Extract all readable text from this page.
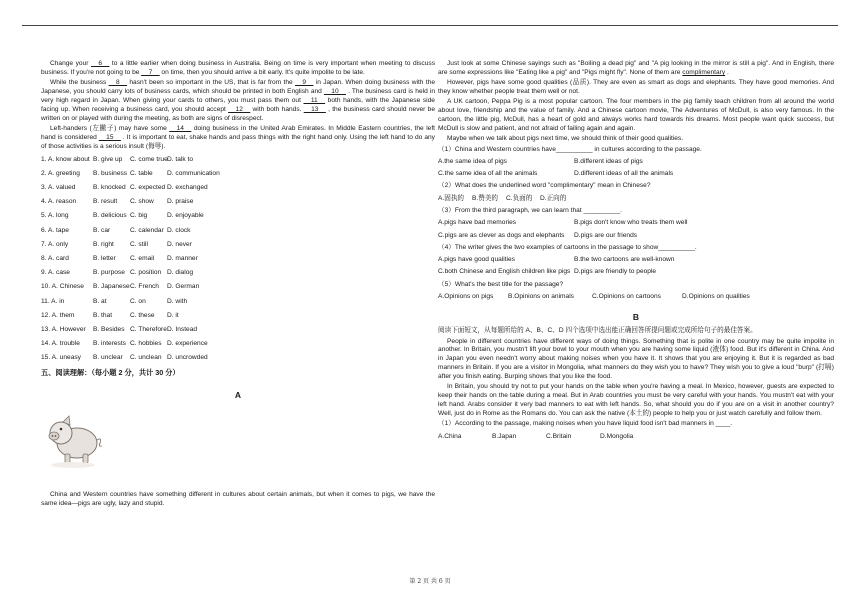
Change your __6__ to a little earlier when doing business in Australia. Being on time is very important when meeting to discuss business. If you're not going to be __7__ on time, then you should arrive a bit early. It's quite impolite to be late.

While the business __8__ hasn't been so important in the US, that is far from the __9__ in Japan. When doing business with the Japanese, you should carry lots of business cards, which should be printed in both English and __10__ . The business card is held in very high regard in Japan. When giving your cards to others, you must pass them out __11__ both hands, with the Japanese side facing up. When receiving a business card, you should accept __12__ with both hands. __13__ , the business card should never be written on or played with during the meeting, as both are signs of disrespect.

Left-handers (左撇子) may have some __14__ doing business in the United Arab Emirates. In Middle Eastern countries, the left hand is considered __15__ . It is important to eat, shake hands and pass things with the right hand only. Using the left hand to do any of those activities is a serious insult (侮辱).

1. A. know about B. give up	C. come true D. talk to
2. A. greeting	B. business C. table	D. communication
3. A. valued	B. knocked C. expected D. exchanged
4. A. reason	B. result	C. show	D. praise
5. A. long	B. delicious C. big	D. enjoyable
6. A. tape	B. car	C. calendar D. clock
7. A. only	B. right	C. still	D. never
8. A. card	B. letter	C. email	D. manner
9. A. case	B. purpose C. position D. dialog
10. A. Chinese	B. Japanese C. French	D. German
11. A. in	B. at	C. on	D. with
12. A. them	B. that	C. these	D. it
13. A. However	B. Besides C. Therefore D. Instead
14. A. trouble	B. interests C. hobbies D. experience
15. A. uneasy	B. unclear	C. unclean D. uncrowded
五、阅读理解：（每小题 2 分，共计 30 分）
A

China and Western countries have something different in cultures about certain animals, but when it comes to pigs, we have the same idea—pigs are ugly, lazy and stupid.

Just look at some Chinese sayings such as "Boiling a dead pig" and "A pig looking in the mirror is still a pig". And in English, there are some expressions like "Eating like a pig" and "Pigs might fly". None of them are complimentary .

However, pigs have some good qualities (品质). They are even as smart as dogs and elephants. They have good memories. And they know whether people treat them well or not.

A UK cartoon, Peppa Pig is a most popular cartoon. The four members in the pig family teach children from all around the world about love, friendship and the value of family. And a Chinese cartoon movie, The Adventures of McDull, is also very famous. In the cartoon, the little pig, McDull, has a heart of gold and always works hard towards his dreams. Most people want quick success, but McDull is slow and patient, and not afraid of failing again and again.

Maybe when we talk about pigs next time, we should think of their good qualities.

（1）China and Western countries have__________ in cultures according to the passage.
A.the same idea of pigs	B.different ideas of pigs
C.the same idea of all the animals	D.different ideas of all the animals
（2）What does the underlined word "complimentary" mean in Chinese?
A.固执的	B.赞美的	C.负面的	D.正向的
（3）From the third paragraph, we can learn that __________.
A.pigs have bad memories	B.pigs don't know who treats them well
C.pigs are as clever as dogs and elephants	D.pigs are our friends
（4）The writer gives the two examples of cartoons in the passage to show__________.
A.pigs have good qualities	B.the two cartoons are well-known
C.both Chinese and English children like pigs D.pigs are friendly to people
（5）What's the best title for the passage?
A.Opinions on pigs	B.Opinions on animals	C.Opinions on cartoons	D.Opinions on qualities
B

阅读下面短文，从每题所给的 A、B、C、D 四个选项中选出能正确回答所提问题或完成所给句子的最佳答案。

People in different countries have different ways of doing things. Something that is polite in one country may be quite impolite in another. In Britain, you mustn't lift your bowl to your mouth when you are having some liquid (液体) food. But it's different in China. And in Japan you even needn't worry about making noises when you have it. It shows that you are enjoying it. But it is regarded as bad manners in Britain. If you are a visitor in Mongolia, what manners do they wish you to have? They wish you to give a loud "burp" (打嗝) after you finish eating. Burping shows that you like the food.

In Britain, you should try not to put your hands on the table when you're having a meal. In Mexico, however, guests are expected to keep their hands on the table during a meal. But in Arab countries you must be very careful with your hands. You mustn't eat with your left hand. Arabs consider it very bad manners to eat with left hands. So, what should you do if you are on a visit in another country? Well, just do in Rome as the Romans do. You can ask the native (本土的) people to help you or just watch carefully and follow them.

（1）According to the passage, making noises when you have liquid food isn't bad manners in ____.
A.China	B.Japan	C.Britain	D.Mongolia
第 2 页 共 6 页
